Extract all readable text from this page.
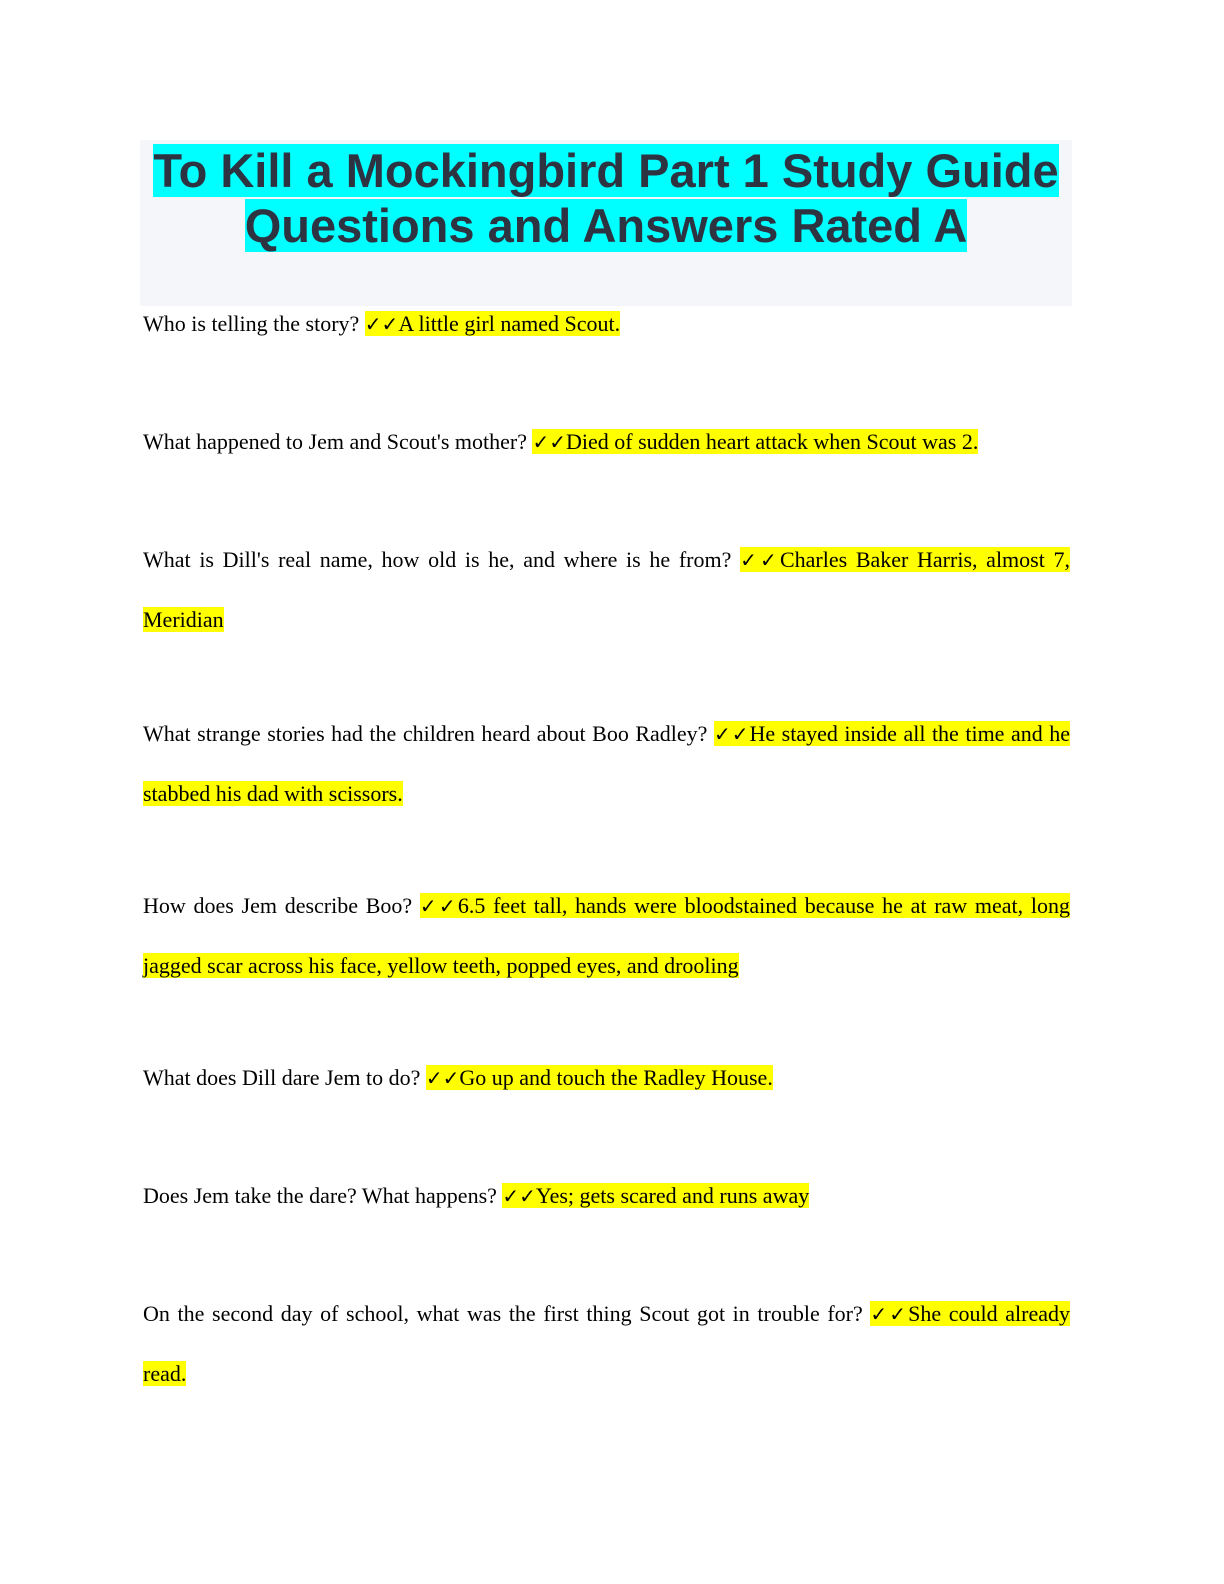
To Kill a Mockingbird Part 1 Study Guide
Questions and Answers Rated A

Who is telling the story? ✓✓A little girl named Scout.

What happened to Jem and Scout's mother? ✓✓Died of sudden heart attack when Scout was 2.

What is Dill's real name, how old is he, and where is he from? ✓✓Charles Baker Harris, almost 7, Meridian

What strange stories had the children heard about Boo Radley? ✓✓He stayed inside all the time and he stabbed his dad with scissors.

How does Jem describe Boo? ✓✓6.5 feet tall, hands were bloodstained because he at raw meat, long jagged scar across his face, yellow teeth, popped eyes, and drooling

What does Dill dare Jem to do? ✓✓Go up and touch the Radley House.

Does Jem take the dare? What happens? ✓✓Yes; gets scared and runs away

On the second day of school, what was the first thing Scout got in trouble for? ✓✓She could already read.
